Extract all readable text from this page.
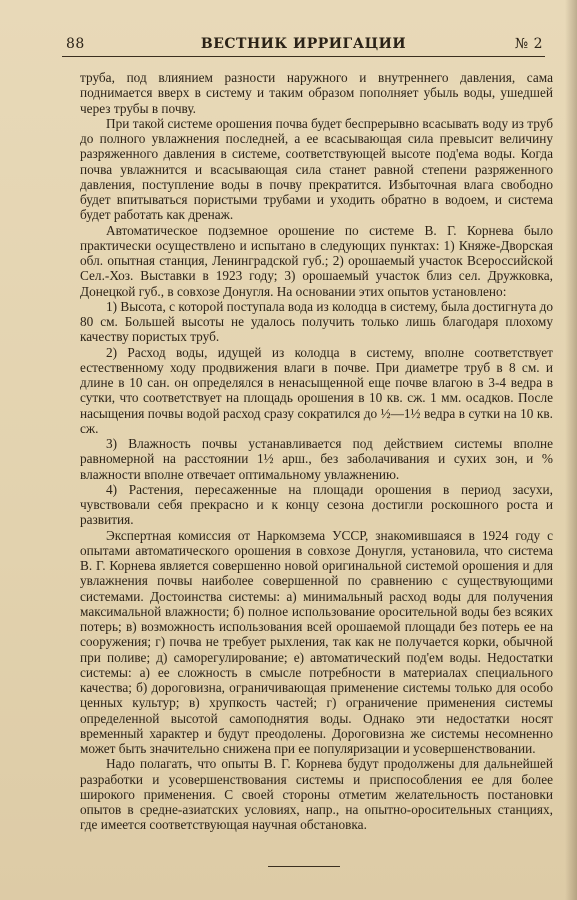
88	ВЕСТНИК ИРРИГАЦИИ	№ 2

труба, под влиянием разности наружного и внутреннего давления, сама поднимается вверх в систему и таким образом пополняет убыль воды, ушедшей через трубы в почву.

При такой системе орошения почва будет беспрерывно всасывать воду из труб до полного увлажнения последней, а ее всасывающая сила превысит величину разряженного давления в системе, соответствующей высоте под'ема воды. Когда почва увлажнится и всасывающая сила станет равной степени разряженного давления, поступление воды в почву прекратится. Избыточная влага свободно будет впитываться пористыми трубами и уходить обратно в водоем, и система будет работать как дренаж.

Автоматическое подземное орошение по системе В. Г. Корнева было практически осуществлено и испытано в следующих пунктах: 1) Княже-Дворская обл. опытная станция, Ленинградской губ.; 2) орошаемый участок Всероссийской Сел.-Хоз. Выставки в 1923 году; 3) орошаемый участок близ сел. Дружковка, Донецкой губ., в совхозе Донугля. На основании этих опытов установлено:

1) Высота, с которой поступала вода из колодца в систему, была достигнута до 80 см. Большей высоты не удалось получить только лишь благодаря плохому качеству пористых труб.

2) Расход воды, идущей из колодца в систему, вполне соответствует естественному ходу продвижения влаги в почве. При диаметре труб в 8 см. и длине в 10 сан. он определялся в ненасыщенной еще почве влагою в 3-4 ведра в сутки, что соответствует на площадь орошения в 10 кв. сж. 1 мм. осадков. После насыщения почвы водой расход сразу сократился до ½—1½ ведра в сутки на 10 кв. сж.

3) Влажность почвы устанавливается под действием системы вполне равномерной на расстоянии 1½ арш., без заболачивания и сухих зон, и % влажности вполне отвечает оптимальному увлажнению.

4) Растения, пересаженные на площади орошения в период засухи, чувствовали себя прекрасно и к концу сезона достигли роскошного роста и развития.

Экспертная комиссия от Наркомзема УССР, знакомившаяся в 1924 году с опытами автоматического орошения в совхозе Донугля, установила, что система В. Г. Корнева является совершенно новой оригинальной системой орошения и для увлажнения почвы наиболее совершенной по сравнению с существующими системами. Достоинства системы: а) минимальный расход воды для получения максимальной влажности; б) полное использование оросительной воды без всяких потерь; в) возможность использования всей орошаемой площади без потерь ее на сооружения; г) почва не требует рыхления, так как не получается корки, обычной при поливе; д) саморегулирование; е) автоматический под'ем воды. Недостатки системы: а) ее сложность в смысле потребности в материалах специального качества; б) дороговизна, ограничивающая применение системы только для особо ценных культур; в) хрупкость частей; г) ограничение применения системы определенной высотой самоподнятия воды. Однако эти недостатки носят временный характер и будут преодолены. Дороговизна же системы несомненно может быть значительно снижена при ее популяризации и усовершенствовании.

Надо полагать, что опыты В. Г. Корнева будут продолжены для дальнейшей разработки и усовершенствования системы и приспособления ее для более широкого применения. С своей стороны отметим желательность постановки опытов в средне-азиатских условиях, напр., на опытно-оросительных станциях, где имеется соответствующая научная обстановка.
